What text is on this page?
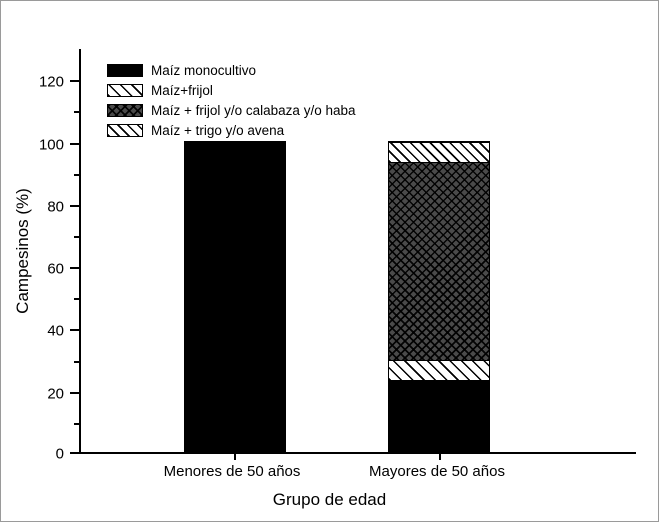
Campesinos (%)
120
100
80
60
40
20
0
Maíz monocultivo
Maíz+frijol
Maíz + frijol y/o calabaza y/o haba
Maíz + trigo y/o avena
Menores de 50 años	Mayores de 50 años
Grupo de edad
